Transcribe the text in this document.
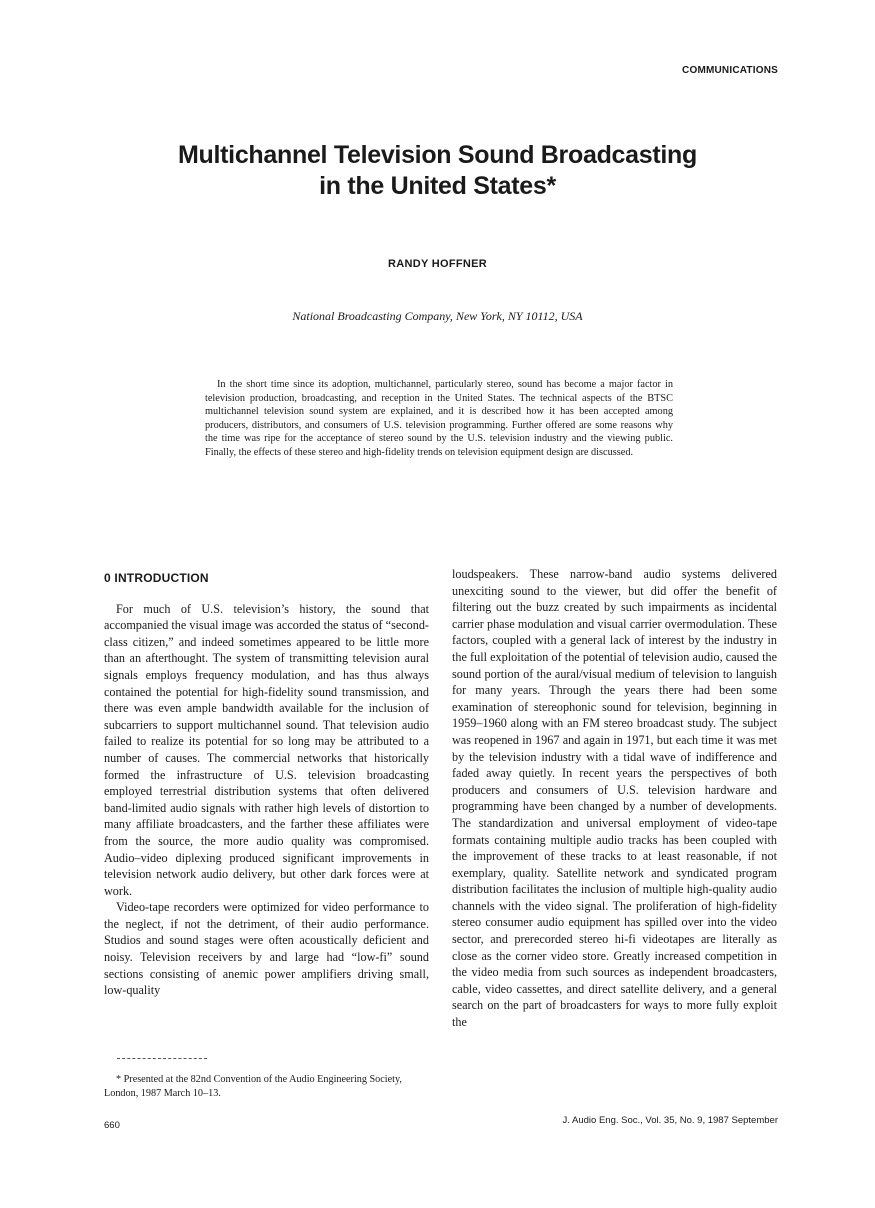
COMMUNICATIONS
Multichannel Television Sound Broadcasting
in the United States*
RANDY HOFFNER
National Broadcasting Company, New York, NY 10112, USA

In the short time since its adoption, multichannel, particularly stereo, sound has become a major factor in television production, broadcasting, and reception in the United States. The technical aspects of the BTSC multichannel television sound system are explained, and it is described how it has been accepted among producers, distributors, and consumers of U.S. television programming. Further offered are some reasons why the time was ripe for the acceptance of stereo sound by the U.S. television industry and the viewing public. Finally, the effects of these stereo and high-fidelity trends on television equipment design are discussed.

0 INTRODUCTION

For much of U.S. television’s history, the sound that accompanied the visual image was accorded the status of “second-class citizen,” and indeed sometimes appeared to be little more than an afterthought. The system of transmitting television aural signals employs frequency modulation, and has thus always contained the potential for high-fidelity sound transmission, and there was even ample bandwidth available for the inclusion of subcarriers to support multichannel sound. That television audio failed to realize its potential for so long may be attributed to a number of causes. The commercial networks that historically formed the infrastructure of U.S. television broadcasting employed terrestrial distribution systems that often delivered band-limited audio signals with rather high levels of distortion to many affiliate broadcasters, and the farther these affiliates were from the source, the more audio quality was compromised. Audio–video diplexing produced significant improvements in television network audio delivery, but other dark forces were at work.

Video-tape recorders were optimized for video performance to the neglect, if not the detriment, of their audio performance. Studios and sound stages were often acoustically deficient and noisy. Television receivers by and large had “low-fi” sound sections consisting of anemic power amplifiers driving small, low-quality

loudspeakers. These narrow-band audio systems delivered unexciting sound to the viewer, but did offer the benefit of filtering out the buzz created by such impairments as incidental carrier phase modulation and visual carrier overmodulation. These factors, coupled with a general lack of interest by the industry in the full exploitation of the potential of television audio, caused the sound portion of the aural/visual medium of television to languish for many years. Through the years there had been some examination of stereophonic sound for television, beginning in 1959–1960 along with an FM stereo broadcast study. The subject was reopened in 1967 and again in 1971, but each time it was met by the television industry with a tidal wave of indifference and faded away quietly. In recent years the perspectives of both producers and consumers of U.S. television hardware and programming have been changed by a number of developments. The standardization and universal employment of video-tape formats containing multiple audio tracks has been coupled with the improvement of these tracks to at least reasonable, if not exemplary, quality. Satellite network and syndicated program distribution facilitates the inclusion of multiple high-quality audio channels with the video signal. The proliferation of high-fidelity stereo consumer audio equipment has spilled over into the video sector, and prerecorded stereo hi-fi videotapes are literally as close as the corner video store. Greatly increased competition in the video media from such sources as independent broadcasters, cable, video cassettes, and direct satellite delivery, and a general search on the part of broadcasters for ways to more fully exploit the

* Presented at the 82nd Convention of the Audio Engineering Society, London, 1987 March 10–13.

660	J. Audio Eng. Soc., Vol. 35, No. 9, 1987 September
